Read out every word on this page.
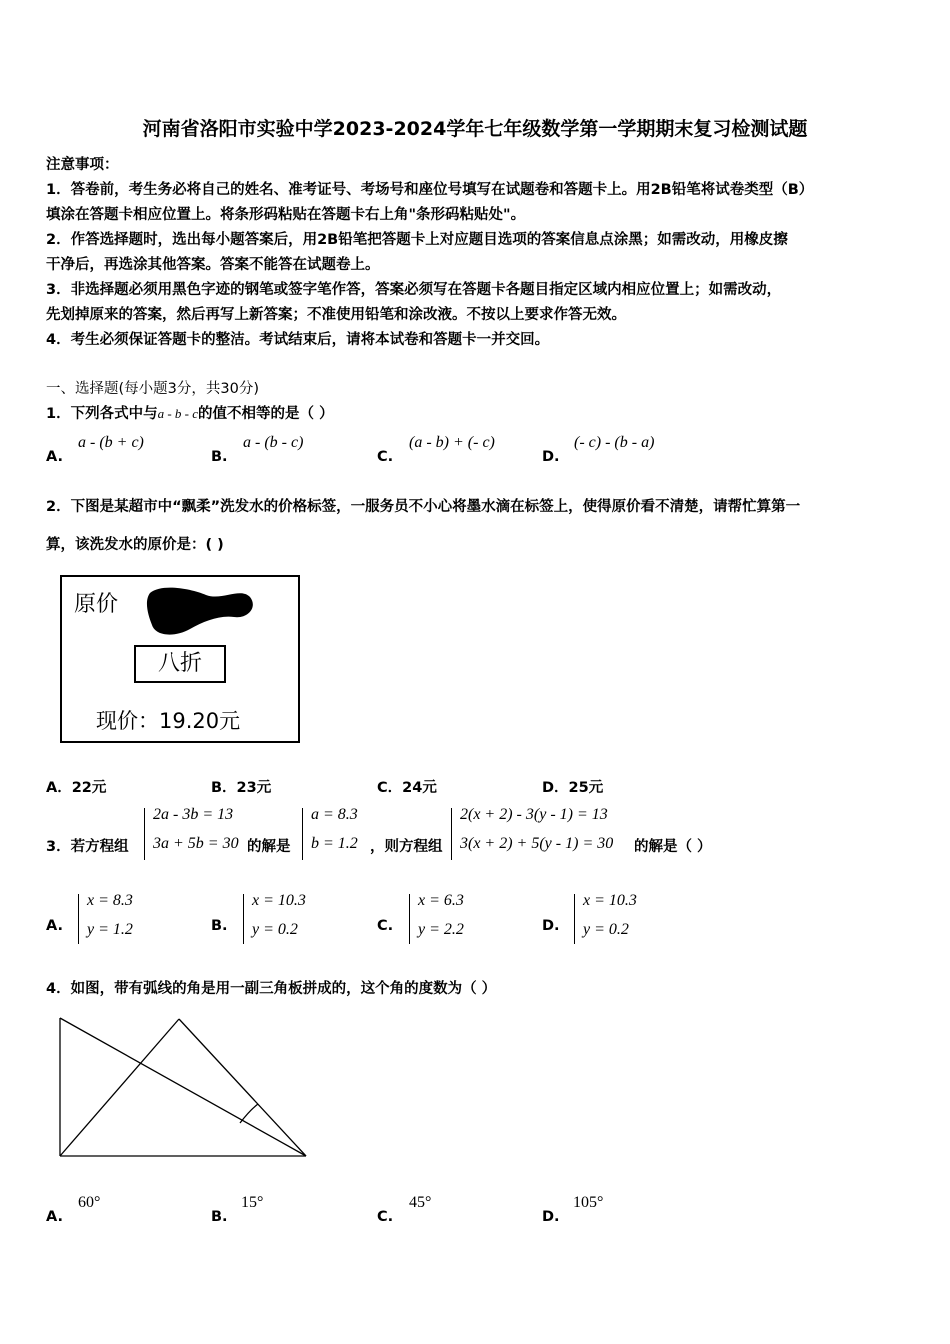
河南省洛阳市实验中学2023-2024学年七年级数学第一学期期末复习检测试题
注意事项：
1．答卷前，考生务必将自己的姓名、准考证号、考场号和座位号填写在试题卷和答题卡上。用2B铅笔将试卷类型（B）
填涂在答题卡相应位置上。将条形码粘贴在答题卡右上角"条形码粘贴处"。
2．作答选择题时，选出每小题答案后，用2B铅笔把答题卡上对应题目选项的答案信息点涂黑；如需改动，用橡皮擦
干净后，再选涂其他答案。答案不能答在试题卷上。
3．非选择题必须用黑色字迹的钢笔或签字笔作答，答案必须写在答题卡各题目指定区域内相应位置上；如需改动，
先划掉原来的答案，然后再写上新答案；不准使用铅笔和涂改液。不按以上要求作答无效。
4．考生必须保证答题卡的整洁。考试结束后，请将本试卷和答题卡一并交回。
一、选择题(每小题3分，共30分)
1．下列各式中与a - b - c的值不相等的是（ ）
A.
a - (b + c)
B.
a - (b - c)
C.
(a - b) + (- c)
D.
(- c) - (b - a)
2．下图是某超市中“飘柔”洗发水的价格标签，一服务员不小心将墨水滴在标签上，使得原价看不清楚，请帮忙算第一
算，该洗发水的原价是：( )
原价
八折
现价：19.20元
A．22元	B．23元	C．24元	D．25元
3．若方程组
2a - 3b = 13
3a + 5b = 30 的解是
a = 8.3
b = 1.2 ，则方程组
2(x + 2) - 3(y - 1) = 13
3(x + 2) + 5(y - 1) = 30 的解是（ ）
A.
x = 8.3
y = 1.2	B.
x = 10.3
y = 0.2	C.
x = 6.3
y = 2.2	D.
x = 10.3
y = 0.2
4．如图，带有弧线的角是用一副三角板拼成的，这个角的度数为（ ）
A.
60°
B.
15°
C.
45°
D.
105°
